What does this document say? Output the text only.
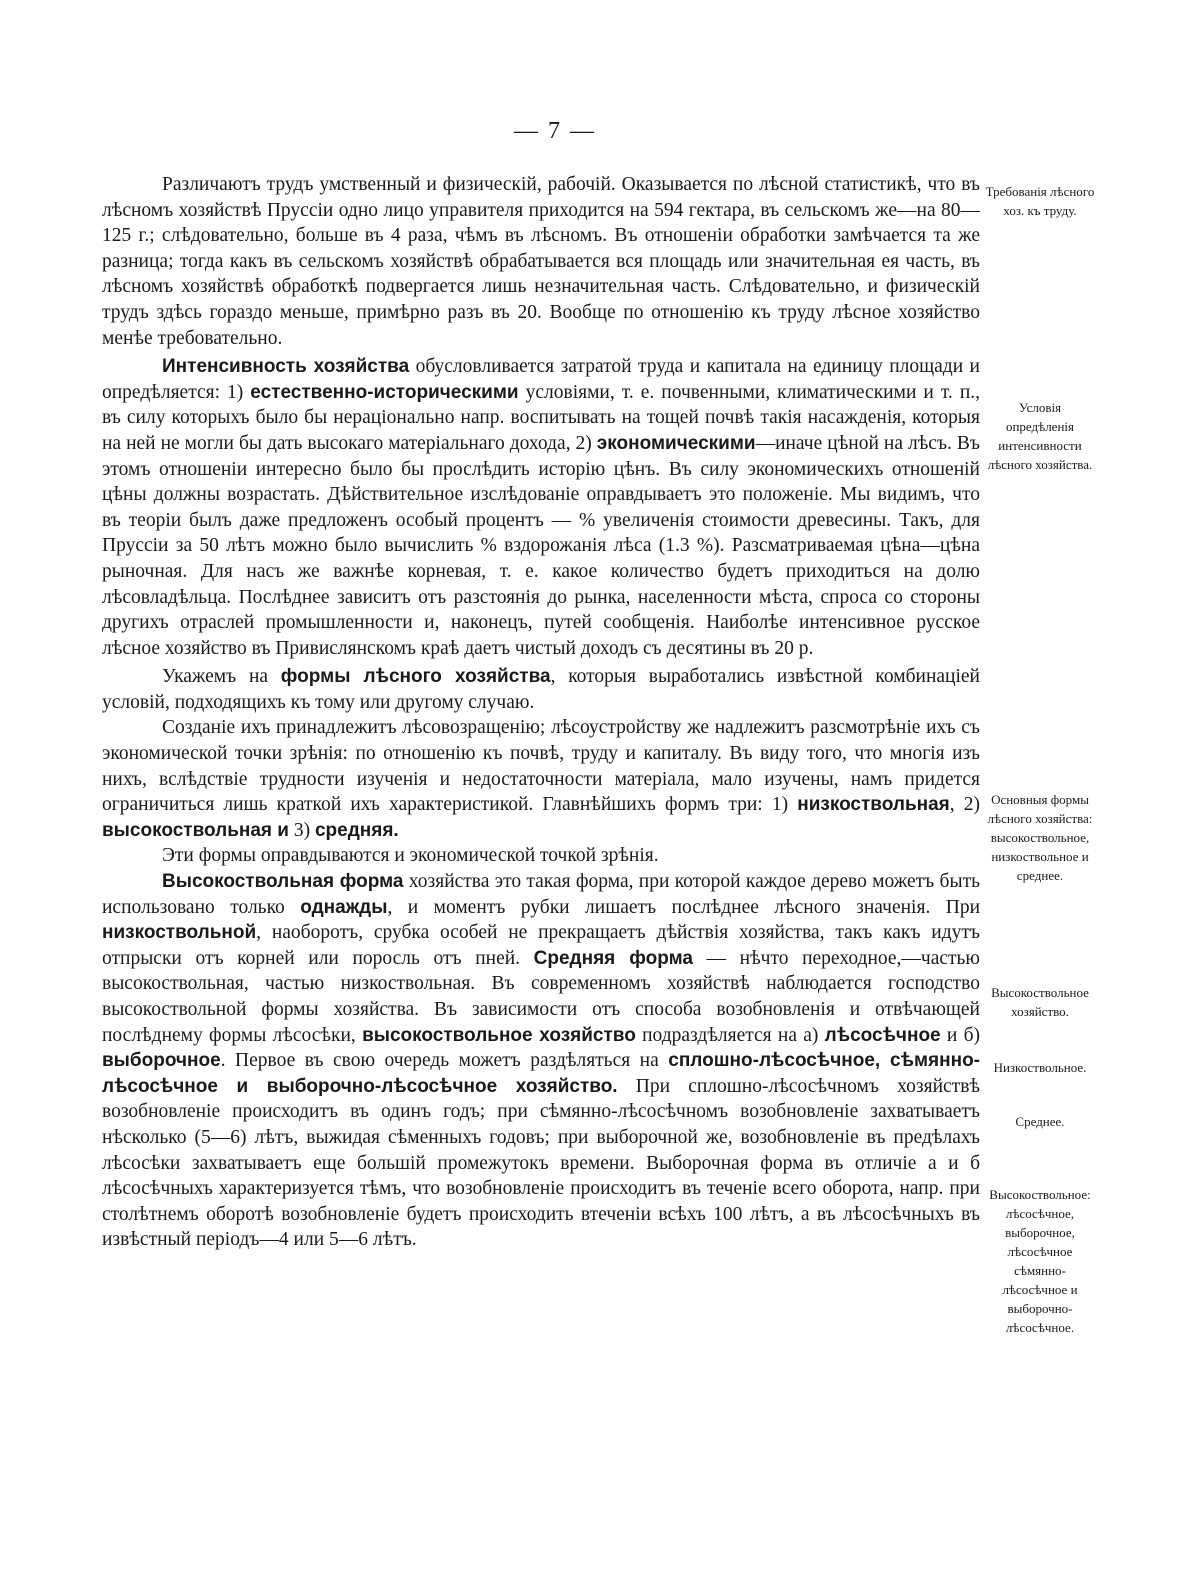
— 7 —

Различаютъ трудъ умственный и физическій, рабочій. Оказывается по лѣсной статистикѣ, что въ лѣсномъ хозяйствѣ Пруссіи одно лицо управителя приходится на 594 гектара, въ сельскомъ же—на 80—125 г.; слѣдовательно, больше въ 4 раза, чѣмъ въ лѣсномъ. Въ отношеніи обработки замѣчается та же разница; тогда какъ въ сельскомъ хозяйствѣ обрабатывается вся площадь или значительная ея часть, въ лѣсномъ хозяйствѣ обработкѣ подвергается лишь незначительная часть. Слѣдовательно, и физическій трудъ здѣсь гораздо меньше, примѣрно разъ въ 20. Вообще по отношенію къ труду лѣсное хозяйство менѣе требовательно.

Интенсивность хозяйства обусловливается затратой труда и капитала на единицу площади и опредѣляется: 1) естественно-историческими условіями, т. е. почвенными, климатическими и т. п., въ силу которыхъ было бы нераціонально напр. воспитывать на тощей почвѣ такія насажденія, которыя на ней не могли бы дать высокаго матеріальнаго дохода, 2) экономическими—иначе цѣной на лѣсъ. Въ этомъ отношеніи интересно было бы прослѣдить исторію цѣнъ. Въ силу экономическихъ отношеній цѣны должны возрастать. Дѣйствительное изслѣдованіе оправдываетъ это положеніе. Мы видимъ, что въ теоріи былъ даже предложенъ особый процентъ — % увеличенія стоимости древесины. Такъ, для Пруссіи за 50 лѣтъ можно было вычислить % вздорожанія лѣса (1.3 %). Разсматриваемая цѣна—цѣна рыночная. Для насъ же важнѣе корневая, т. е. какое количество будетъ приходиться на долю лѣсовладѣльца. Послѣднее зависитъ отъ разстоянія до рынка, населенности мѣста, спроса со стороны другихъ отраслей промышленности и, наконецъ, путей сообщенія. Наиболѣе интенсивное русское лѣсное хозяйство въ Привислянскомъ краѣ даетъ чистый доходъ съ десятины въ 20 р.

Укажемъ на формы лѣсного хозяйства, которыя выработались извѣстной комбинаціей условій, подходящихъ къ тому или другому случаю.

Созданіе ихъ принадлежитъ лѣсовозращенію; лѣсоустройству же надлежитъ разсмотрѣніе ихъ съ экономической точки зрѣнія: по отношенію къ почвѣ, труду и капиталу. Въ виду того, что многія изъ нихъ, вслѣдствіе трудности изученія и недостаточности матеріала, мало изучены, намъ придется ограничиться лишь краткой ихъ характеристикой. Главнѣйшихъ формъ три: 1) низкоствольная, 2) высокоствольная и 3) средняя.

Эти формы оправдываются и экономической точкой зрѣнія.

Высокоствольная форма хозяйства это такая форма, при которой каждое дерево можетъ быть использовано только однажды, и моментъ рубки лишаетъ послѣднее лѣсного значенія. При низкоствольной, наоборотъ, срубка особей не прекращаетъ дѣйствія хозяйства, такъ какъ идутъ отпрыски отъ корней или поросль отъ пней. Средняя форма — нѣчто переходное,—частью высокоствольная, частью низкоствольная. Въ современномъ хозяйствѣ наблюдается господство высокоствольной формы хозяйства. Въ зависимости отъ способа возобновленія и отвѣчающей послѣднему формы лѣсосѣки, высокоствольное хозяйство подраздѣляется на а) лѣсосѣчное и б) выборочное. Первое въ свою очередь можетъ раздѣляться на сплошно-лѣсосѣчное, сѣмянно-лѣсосѣчное и выборочно-лѣсосѣчное хозяйство. При сплошно-лѣсосѣчномъ хозяйствѣ возобновленіе происходитъ въ одинъ годъ; при сѣмянно-лѣсосѣчномъ возобновленіе захватываетъ нѣсколько (5—6) лѣтъ, выжидая сѣменныхъ годовъ; при выборочной же, возобновленіе въ предѣлахъ лѣсосѣки захватываетъ еще большій промежутокъ времени. Выборочная форма въ отличіе а и б лѣсосѣчныхъ характеризуется тѣмъ, что возобновленіе происходитъ въ теченіе всего оборота, напр. при столѣтнемъ оборотѣ возобновленіе будетъ происходить втеченіи всѣхъ 100 лѣтъ, а въ лѣсосѣчныхъ въ извѣстный періодъ—4 или 5—6 лѣтъ.

Требованія лѣсного хоз. къ труду.
Условія опредѣленія интенсивности лѣсного хозяйства.
Основныя формы лѣсного хозяйства: высокоствольное, низкоствольное и среднее.
Высокоствольное хозяйство.
Низкоствольное.
Среднее.
Высокоствольное: лѣсосѣчное, выборочное, лѣсосѣчное сѣмянно-лѣсосѣчное и выборочно-лѣсосѣчное.
